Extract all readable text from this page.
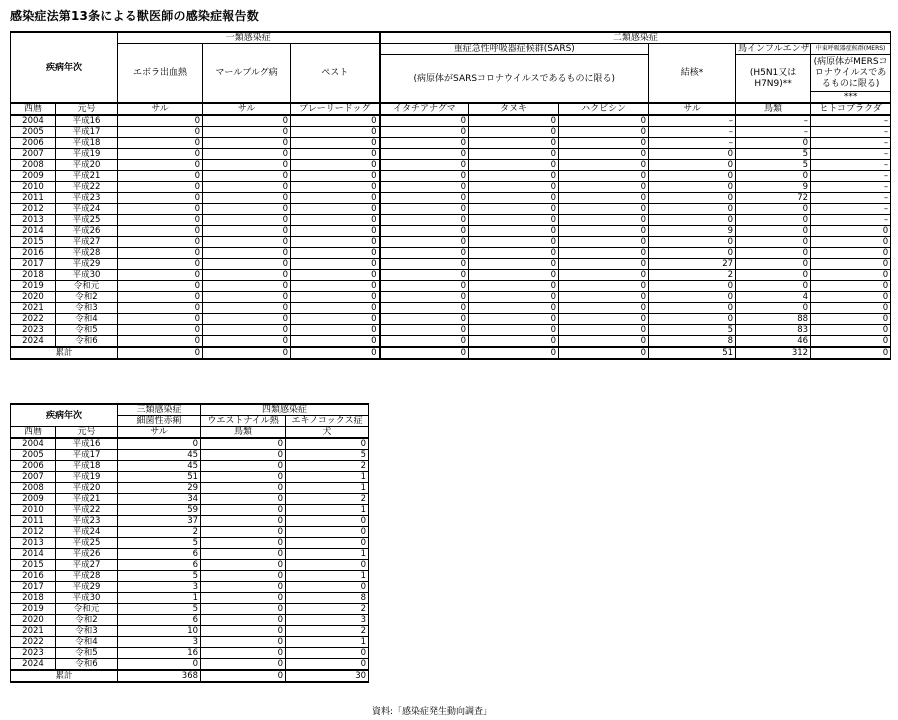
感染症法第13条による獣医師の感染症報告数
疾病年次		一類感染症			二類感染症					
		エボラ出血熱	マールブルグ病	ペスト	重症急性呼吸器症候群(SARS)			結核*	鳥インフルエンザ	中東呼吸器症候群(MERS)
					(病原体がSARSコロナウイルスであるものに限る)				(H5N1又はH7N9)**	(病原体がMERSコロナウイルスであるものに限る)
										***
西暦	元号	サル	サル	プレーリードッグ	イタチアナグマ	タヌキ	ハクビシン	サル	鳥類	ヒトコブラクダ
2004	平成16	0	0	0	0	0	0	–	–	–
2005	平成17	0	0	0	0	0	0	–	–	–
2006	平成18	0	0	0	0	0	0	–	0	–
2007	平成19	0	0	0	0	0	0	0	5	–
2008	平成20	0	0	0	0	0	0	0	5	–
2009	平成21	0	0	0	0	0	0	0	0	–
2010	平成22	0	0	0	0	0	0	0	9	–
2011	平成23	0	0	0	0	0	0	0	72	–
2012	平成24	0	0	0	0	0	0	0	0	–
2013	平成25	0	0	0	0	0	0	0	0	–
2014	平成26	0	0	0	0	0	0	9	0	0
2015	平成27	0	0	0	0	0	0	0	0	0
2016	平成28	0	0	0	0	0	0	0	0	0
2017	平成29	0	0	0	0	0	0	27	0	0
2018	平成30	0	0	0	0	0	0	2	0	0
2019	令和元	0	0	0	0	0	0	0	0	0
2020	令和2	0	0	0	0	0	0	0	4	0
2021	令和3	0	0	0	0	0	0	0	0	0
2022	令和4	0	0	0	0	0	0	0	88	0
2023	令和5	0	0	0	0	0	0	5	83	0
2024	令和6	0	0	0	0	0	0	8	46	0
累計		0	0	0	0	0	0	51	312	0
疾病年次		三類感染症	四類感染症	
		細菌性赤痢	ウエストナイル熱	エキノコックス症
西暦	元号	サル	鳥類	犬
2004	平成16	0	0	0
2005	平成17	45	0	5
2006	平成18	45	0	2
2007	平成19	51	0	1
2008	平成20	29	0	1
2009	平成21	34	0	2
2010	平成22	59	0	1
2011	平成23	37	0	0
2012	平成24	2	0	0
2013	平成25	5	0	0
2014	平成26	6	0	1
2015	平成27	6	0	0
2016	平成28	5	0	1
2017	平成29	3	0	0
2018	平成30	1	0	8
2019	令和元	5	0	2
2020	令和2	6	0	3
2021	令和3	10	0	2
2022	令和4	3	0	1
2023	令和5	16	0	0
2024	令和6	0	0	0
累計		368	0	30
資料:「感染症発生動向調査」
